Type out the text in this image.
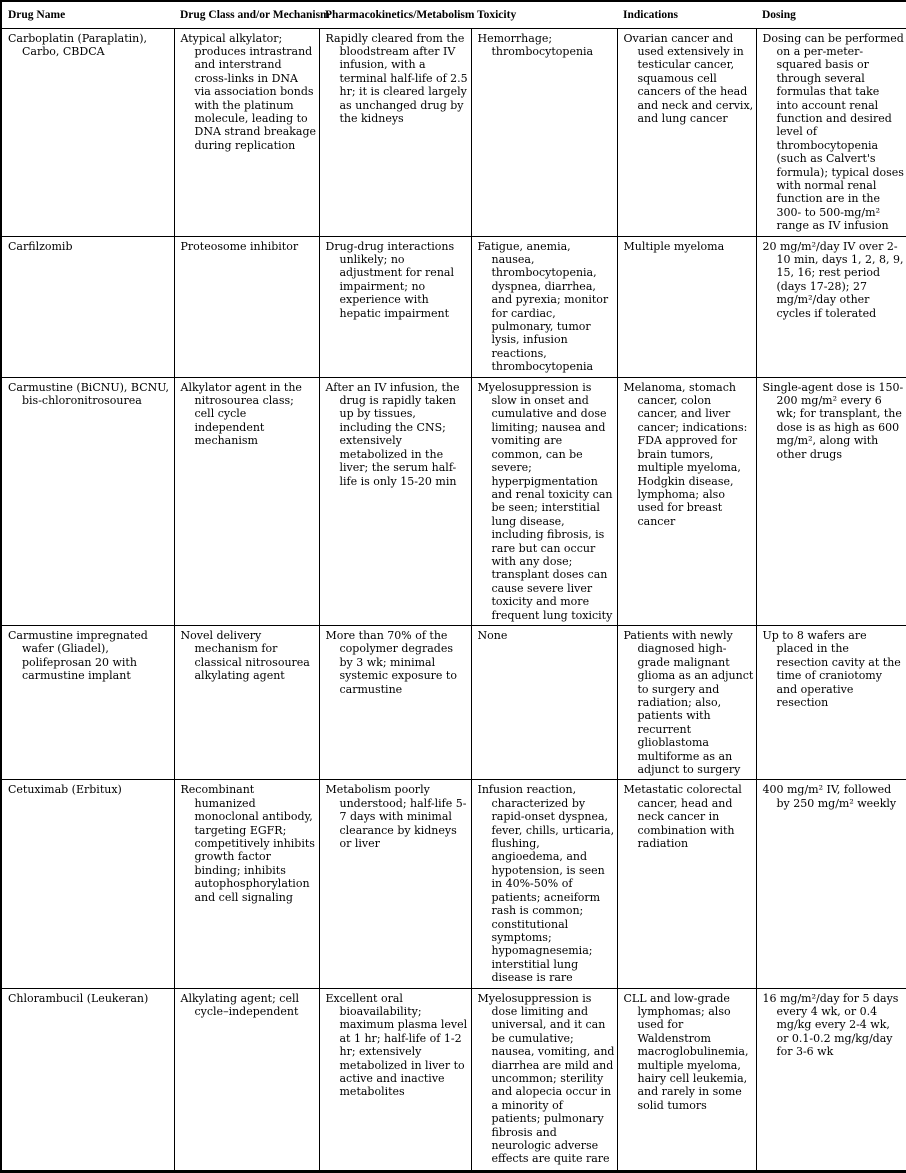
Drug Name	Drug Class and/or Mechanism	Pharmacokinetics/Metabolism	Toxicity	Indications	Dosing

Carboplatin (Paraplatin), Carbo, CBDCA	Atypical alkylator; produces intrastrand and interstrand cross-links in DNA via association bonds with the platinum molecule, leading to DNA strand breakage during replication	Rapidly cleared from the bloodstream after IV infusion, with a terminal half-life of 2.5 hr; it is cleared largely as unchanged drug by the kidneys	Hemorrhage; thrombocytopenia	Ovarian cancer and used extensively in testicular cancer, squamous cell cancers of the head and neck and cervix, and lung cancer	Dosing can be performed on a per-meter-squared basis or through several formulas that take into account renal function and desired level of thrombocytopenia (such as Calvert's formula); typical doses with normal renal function are in the 300- to 500-mg/m² range as IV infusion

Carfilzomib	Proteosome inhibitor	Drug-drug interactions unlikely; no adjustment for renal impairment; no experience with hepatic impairment	Fatigue, anemia, nausea, thrombocytopenia, dyspnea, diarrhea, and pyrexia; monitor for cardiac, pulmonary, tumor lysis, infusion reactions, thrombocytopenia	Multiple myeloma	20 mg/m²/day IV over 2-10 min, days 1, 2, 8, 9, 15, 16; rest period (days 17-28); 27 mg/m²/day other cycles if tolerated

Carmustine (BiCNU), BCNU, bis-chloronitrosourea	Alkylator agent in the nitrosourea class; cell cycle independent mechanism	After an IV infusion, the drug is rapidly taken up by tissues, including the CNS; extensively metabolized in the liver; the serum half-life is only 15-20 min	Myelosuppression is slow in onset and cumulative and dose limiting; nausea and vomiting are common, can be severe; hyperpigmentation and renal toxicity can be seen; interstitial lung disease, including fibrosis, is rare but can occur with any dose; transplant doses can cause severe liver toxicity and more frequent lung toxicity	Melanoma, stomach cancer, colon cancer, and liver cancer; indications: FDA approved for brain tumors, multiple myeloma, Hodgkin disease, lymphoma; also used for breast cancer	Single-agent dose is 150-200 mg/m² every 6 wk; for transplant, the dose is as high as 600 mg/m², along with other drugs

Carmustine impregnated wafer (Gliadel), polifeprosan 20 with carmustine implant	Novel delivery mechanism for classical nitrosourea alkylating agent	More than 70% of the copolymer degrades by 3 wk; minimal systemic exposure to carmustine	None	Patients with newly diagnosed high-grade malignant glioma as an adjunct to surgery and radiation; also, patients with recurrent glioblastoma multiforme as an adjunct to surgery	Up to 8 wafers are placed in the resection cavity at the time of craniotomy and operative resection

Cetuximab (Erbitux)	Recombinant humanized monoclonal antibody, targeting EGFR; competitively inhibits growth factor binding; inhibits autophosphorylation and cell signaling	Metabolism poorly understood; half-life 5-7 days with minimal clearance by kidneys or liver	Infusion reaction, characterized by rapid-onset dyspnea, fever, chills, urticaria, flushing, angioedema, and hypotension, is seen in 40%-50% of patients; acneiform rash is common; constitutional symptoms; hypomagnesemia; interstitial lung disease is rare	Metastatic colorectal cancer, head and neck cancer in combination with radiation	400 mg/m² IV, followed by 250 mg/m² weekly

Chlorambucil (Leukeran)	Alkylating agent; cell cycle–independent	Excellent oral bioavailability; maximum plasma level at 1 hr; half-life of 1-2 hr; extensively metabolized in liver to active and inactive metabolites	Myelosuppression is dose limiting and universal, and it can be cumulative; nausea, vomiting, and diarrhea are mild and uncommon; sterility and alopecia occur in a minority of patients; pulmonary fibrosis and neurologic adverse effects are quite rare	CLL and low-grade lymphomas; also used for Waldenstrom macroglobulinemia, multiple myeloma, hairy cell leukemia, and rarely in some solid tumors	16 mg/m²/day for 5 days every 4 wk, or 0.4 mg/kg every 2-4 wk, or 0.1-0.2 mg/kg/day for 3-6 wk
